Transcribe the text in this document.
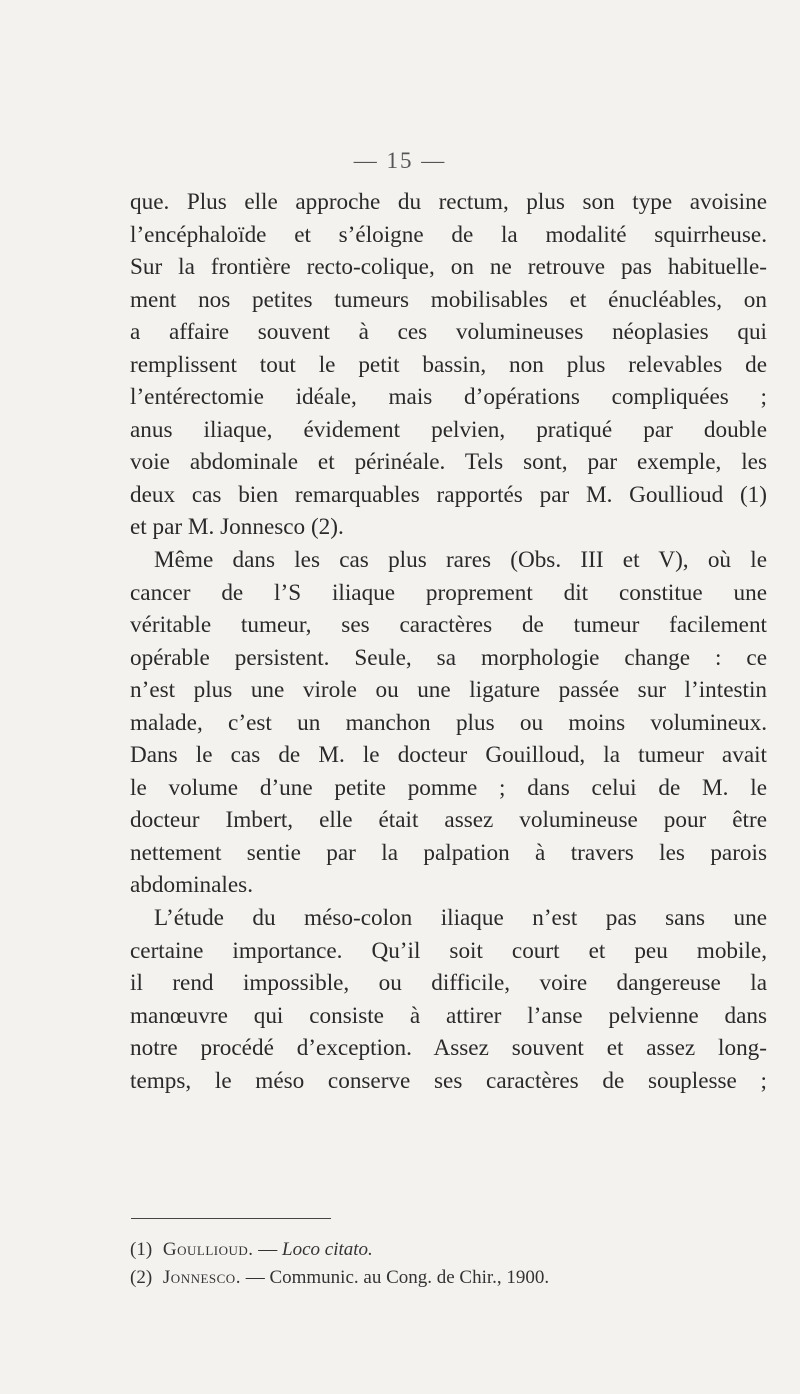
— 15 —
que. Plus elle approche du rectum, plus son type avoisine
l’encéphaloïde et s’éloigne de la modalité squirrheuse.
Sur la frontière recto-colique, on ne retrouve pas habituelle-
ment nos petites tumeurs mobilisables et énucléables, on
a affaire souvent à ces volumineuses néoplasies qui
remplissent tout le petit bassin, non plus relevables de
l’entérectomie idéale, mais d’opérations compliquées ;
anus iliaque, évidement pelvien, pratiqué par double
voie abdominale et périnéale. Tels sont, par exemple, les
deux cas bien remarquables rapportés par M. Goullioud (1)
et par M. Jonnesco (2).
Même dans les cas plus rares (Obs. III et V), où le
cancer de l’S iliaque proprement dit constitue une
véritable tumeur, ses caractères de tumeur facilement
opérable persistent. Seule, sa morphologie change : ce
n’est plus une virole ou une ligature passée sur l’intestin
malade, c’est un manchon plus ou moins volumineux.
Dans le cas de M. le docteur Gouilloud, la tumeur avait
le volume d’une petite pomme ; dans celui de M. le
docteur Imbert, elle était assez volumineuse pour être
nettement sentie par la palpation à travers les parois
abdominales.
L’étude du méso-colon iliaque n’est pas sans une
certaine importance. Qu’il soit court et peu mobile,
il rend impossible, ou difficile, voire dangereuse la
manœuvre qui consiste à attirer l’anse pelvienne dans
notre procédé d’exception. Assez souvent et assez long-
temps, le méso conserve ses caractères de souplesse ;
(1) Goullioud. — Loco citato.
(2) Jonnesco. — Communic. au Cong. de Chir., 1900.
